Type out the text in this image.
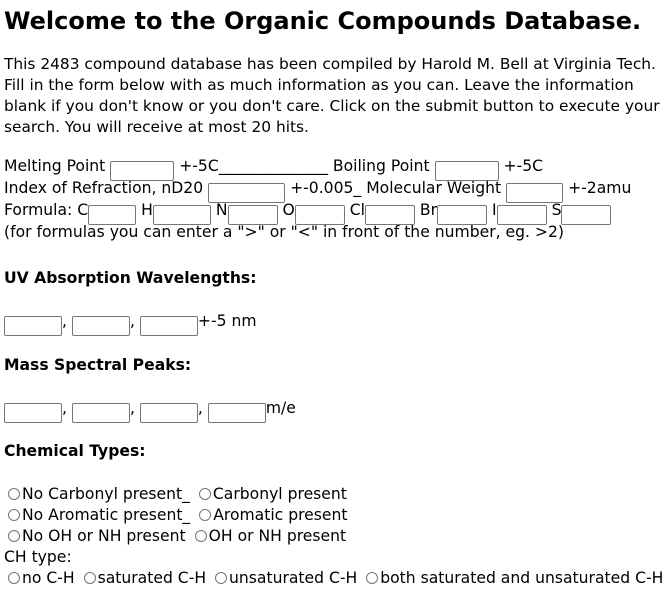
Welcome to the Organic Compounds Database.

This 2483 compound database has been compiled by Harold M. Bell at Virginia Tech. Fill in the form below with as much information as you can. Leave the information blank if you don't know or you don't care. Click on the submit button to execute your search. You will receive at most 20 hits.

Melting Point	+-5C______________ Boiling Point	+-5C
Index of Refraction, nD20	+-0.005_ Molecular Weight	+-2amu
Formula: C	H	N	O	Cl	Br	I	S
(for formulas you can enter a ">" or "<" in front of the number, eg. >2)
UV Absorption Wavelengths:
,	,	+-5 nm
Mass Spectral Peaks:
,	,	,	m/e
Chemical Types:
No Carbonyl present_ Carbonyl present
No Aromatic present_ Aromatic present
No OH or NH present OH or NH present
CH type:
no C-H saturated C-H unsaturated C-H both saturated and unsaturated C-H
